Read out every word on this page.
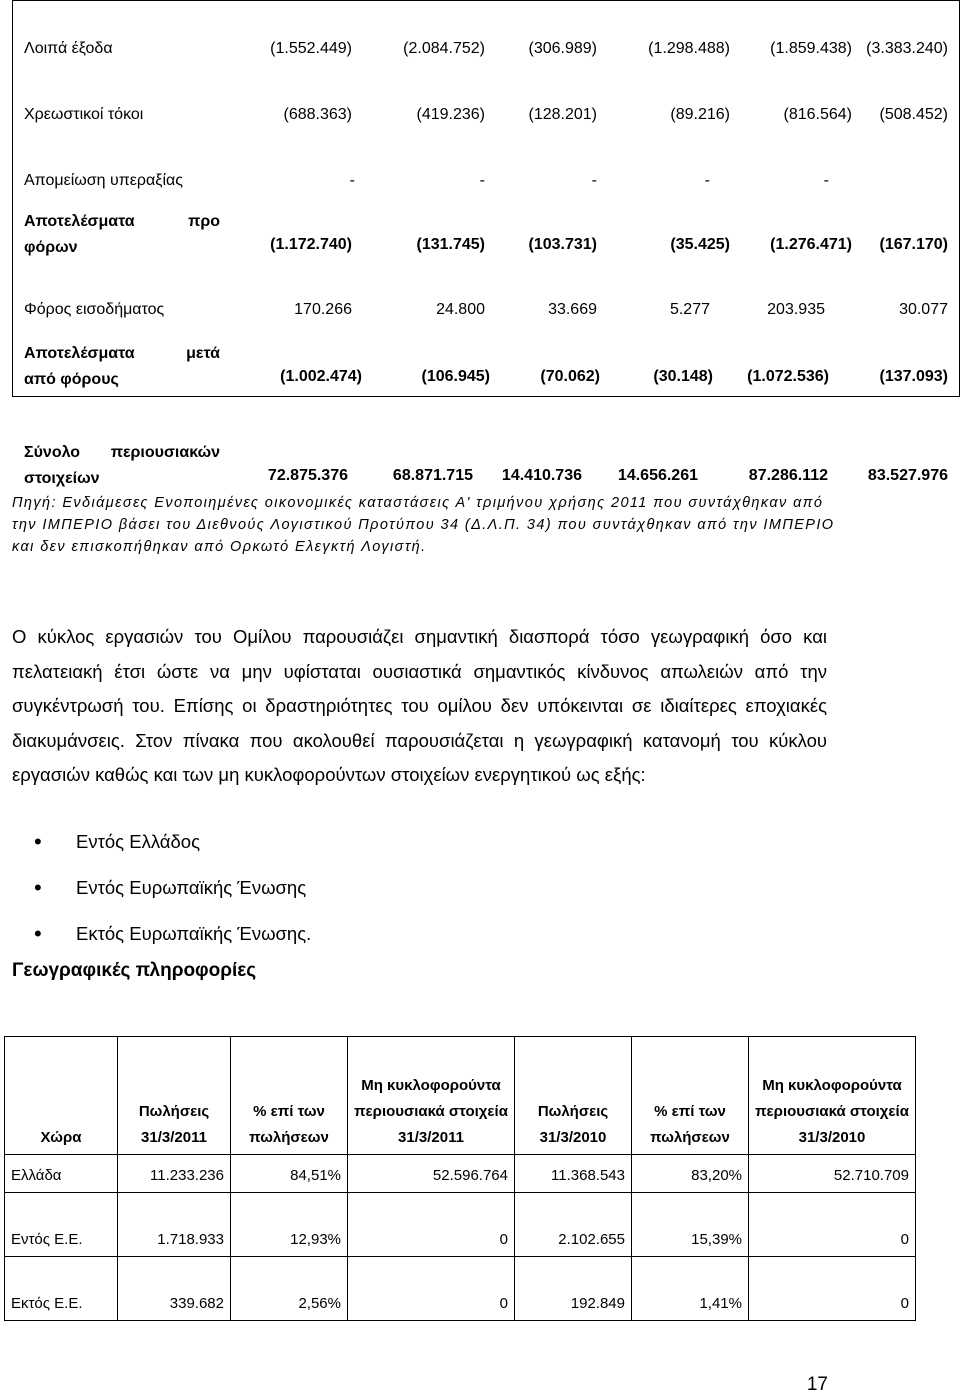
Λοιπά έξοδα	(1.552.449)	(2.084.752)	(306.989)	(1.298.488)	(1.859.438) (3.383.240)
Χρεωστικοί τόκοι	(688.363)	(419.236)	(128.201)	(89.216)	(816.564) (508.452)
Απομείωση υπεραξίας	-	-	-	-	-
Αποτελέσματα	προ
φόρων	(1.172.740)	(131.745)	(103.731)	(35.425)	(1.276.471) (167.170)
Φόρος εισοδήματος	170.266	24.800	33.669	5.277	203.935	30.077
Αποτελέσματα	μετά
από φόρους	(1.002.474)	(106.945)	(70.062)	(30.148) (1.072.536)	(137.093)
Σύνολο περιουσιακών
στοιχείων	72.875.376	68.871.715 14.410.736 14.656.261	87.286.112 83.527.976
Πηγή: Ενδιάμεσες Ενοποιημένες οικονομικές καταστάσεις Α' τριμήνου χρήσης 2011 που συντάχθηκαν από την ΙΜΠΕΡΙΟ βάσει του Διεθνούς Λογιστικού Προτύπου 34 (Δ.Λ.Π. 34) που συντάχθηκαν από την ΙΜΠΕΡΙΟ και δεν επισκοπήθηκαν από Ορκωτό Ελεγκτή Λογιστή.
Ο κύκλος εργασιών του Ομίλου παρουσιάζει σημαντική διασπορά τόσο γεωγραφική όσο και πελατειακή έτσι ώστε να μην υφίσταται ουσιαστικά σημαντικός κίνδυνος απωλειών από την συγκέντρωσή του. Επίσης οι δραστηριότητες του ομίλου δεν υπόκεινται σε ιδιαίτερες εποχιακές διακυμάνσεις. Στον πίνακα που ακολουθεί παρουσιάζεται η γεωγραφική κατανομή του κύκλου εργασιών καθώς και των μη κυκλοφορούντων στοιχείων ενεργητικού ως εξής:
• Εντός Ελλάδος
• Εντός Ευρωπαϊκής Ένωσης
• Εκτός Ευρωπαϊκής Ένωσης.
Γεωγραφικές πληροφορίες
Χώρα	Πωλήσεις 31/3/2011	% επί των πωλήσεων	Μη κυκλοφορούντα περιουσιακά στοιχεία 31/3/2011	Πωλήσεις 31/3/2010	% επί των πωλήσεων	Μη κυκλοφορούντα περιουσιακά στοιχεία 31/3/2010
Ελλάδα	11.233.236	84,51%	52.596.764	11.368.543	83,20%	52.710.709
Εντός Ε.Ε.	1.718.933	12,93%	0	2.102.655	15,39%	0
Εκτός Ε.Ε.	339.682	2,56%	0	192.849	1,41%	0
17
